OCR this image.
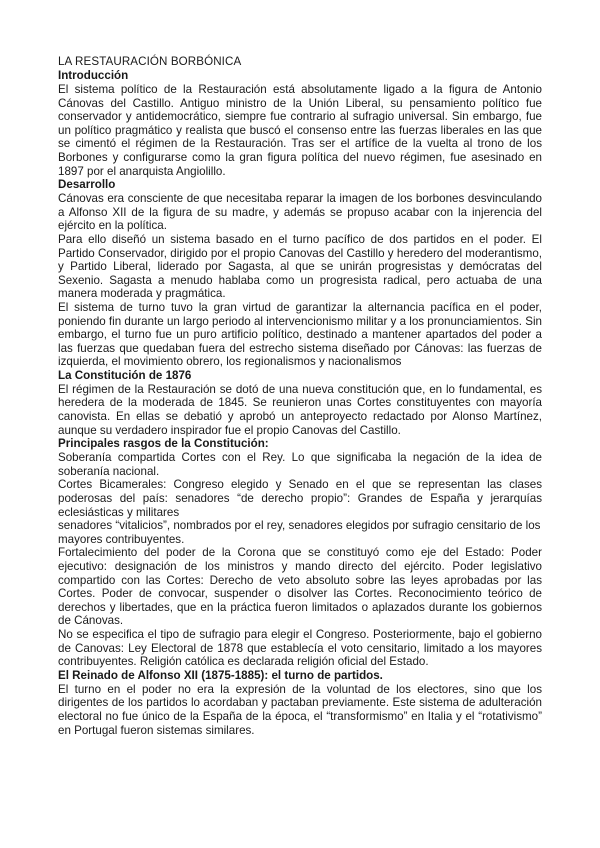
LA RESTAURACIÓN BORBÓNICA

Introducción

El sistema político de la Restauración está absolutamente ligado a la figura de Antonio Cánovas del Castillo. Antiguo ministro de la Unión Liberal, su pensamiento político fue conservador y antidemocrático, siempre fue contrario al sufragio universal. Sin embargo, fue un político pragmático y realista que buscó el consenso entre las fuerzas liberales en las que se cimentó el régimen de la Restauración. Tras ser el artífice de la vuelta al trono de los Borbones y configurarse como la gran figura política del nuevo régimen, fue asesinado en 1897 por el anarquista Angiolillo.

Desarrollo

Cánovas era consciente de que necesitaba reparar la imagen de los borbones desvinculando a Alfonso XII de la figura de su madre, y además se propuso acabar con la injerencia del ejército en la política.

Para ello diseñó un sistema basado en el turno pacífico de dos partidos en el poder. El Partido Conservador, dirigido por el propio Canovas del Castillo y heredero del moderantismo, y Partido Liberal, liderado por Sagasta, al que se unirán progresistas y demócratas del Sexenio. Sagasta a menudo hablaba como un progresista radical, pero actuaba de una manera moderada y pragmática.

El sistema de turno tuvo la gran virtud de garantizar la alternancia pacífica en el poder, poniendo fin durante un largo periodo al intervencionismo militar y a los pronunciamientos. Sin embargo, el turno fue un puro artificio político, destinado a mantener apartados del poder a las fuerzas que quedaban fuera del estrecho sistema diseñado por Cánovas: las fuerzas de izquierda, el movimiento obrero, los regionalismos y nacionalismos

La Constitución de 1876

El régimen de la Restauración se dotó de una nueva constitución que, en lo fundamental, es heredera de la moderada de 1845. Se reunieron unas Cortes constituyentes con mayoría canovista. En ellas se debatió y aprobó un anteproyecto redactado por Alonso Martínez, aunque su verdadero inspirador fue el propio Canovas del Castillo.

Principales rasgos de la Constitución:

Soberanía compartida Cortes con el Rey. Lo que significaba la negación de la idea de soberanía nacional.

Cortes Bicamerales: Congreso elegido y Senado en el que se representan las clases poderosas del país: senadores “de derecho propio”: Grandes de España y jerarquías eclesiásticas y militares

senadores “vitalicios”, nombrados por el rey, senadores elegidos por sufragio censitario de los mayores contribuyentes.

Fortalecimiento del poder de la Corona que se constituyó como eje del Estado: Poder ejecutivo: designación de los ministros y mando directo del ejército. Poder legislativo compartido con las Cortes: Derecho de veto absoluto sobre las leyes aprobadas por las Cortes. Poder de convocar, suspender o disolver las Cortes. Reconocimiento teórico de derechos y libertades, que en la práctica fueron limitados o aplazados durante los gobiernos de Cánovas.

No se especifica el tipo de sufragio para elegir el Congreso. Posteriormente, bajo el gobierno de Canovas: Ley Electoral de 1878 que establecía el voto censitario, limitado a los mayores contribuyentes. Religión católica es declarada religión oficial del Estado.

El Reinado de Alfonso XII (1875-1885): el turno de partidos.

El turno en el poder no era la expresión de la voluntad de los electores, sino que los dirigentes de los partidos lo acordaban y pactaban previamente. Este sistema de adulteración electoral no fue único de la España de la época, el “transformismo” en Italia y el “rotativismo” en Portugal fueron sistemas similares.
